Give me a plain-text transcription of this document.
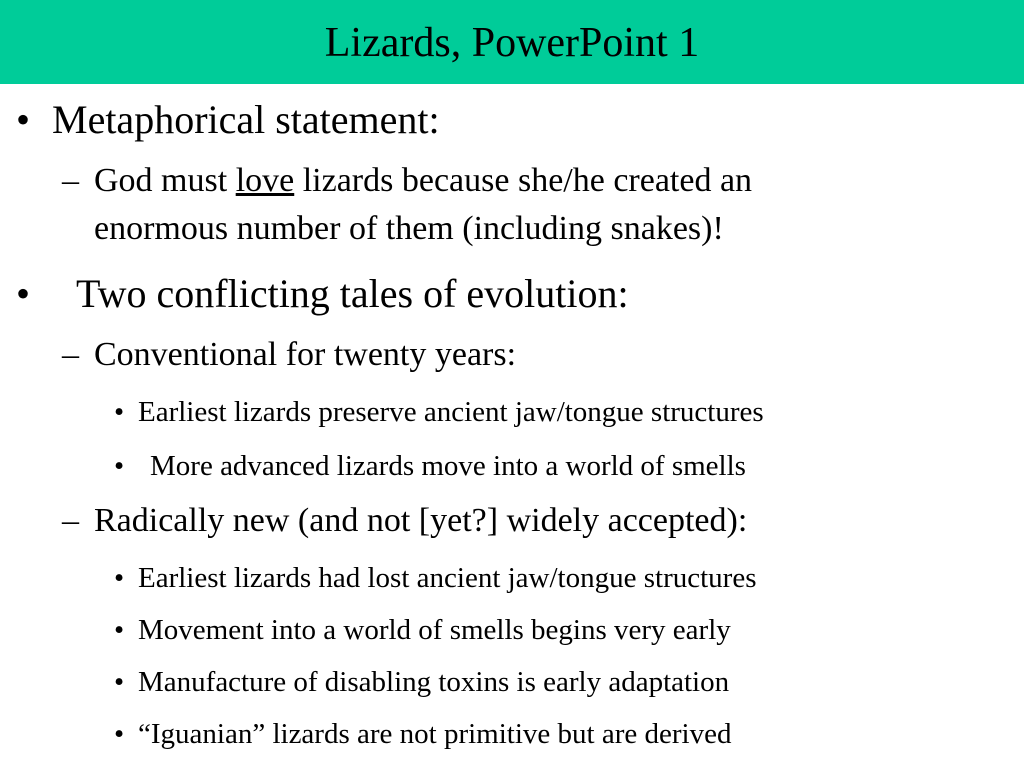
Lizards, PowerPoint 1
• Metaphorical statement:
– God must love lizards because she/he created an
enormous number of them (including snakes)!
• Two conflicting tales of evolution:
– Conventional for twenty years:
• Earliest lizards preserve ancient jaw/tongue structures
• More advanced lizards move into a world of smells
– Radically new (and not [yet?] widely accepted):
• Earliest lizards had lost ancient jaw/tongue structures
• Movement into a world of smells begins very early
• Manufacture of disabling toxins is early adaptation
• “Iguanian” lizards are not primitive but are derived
